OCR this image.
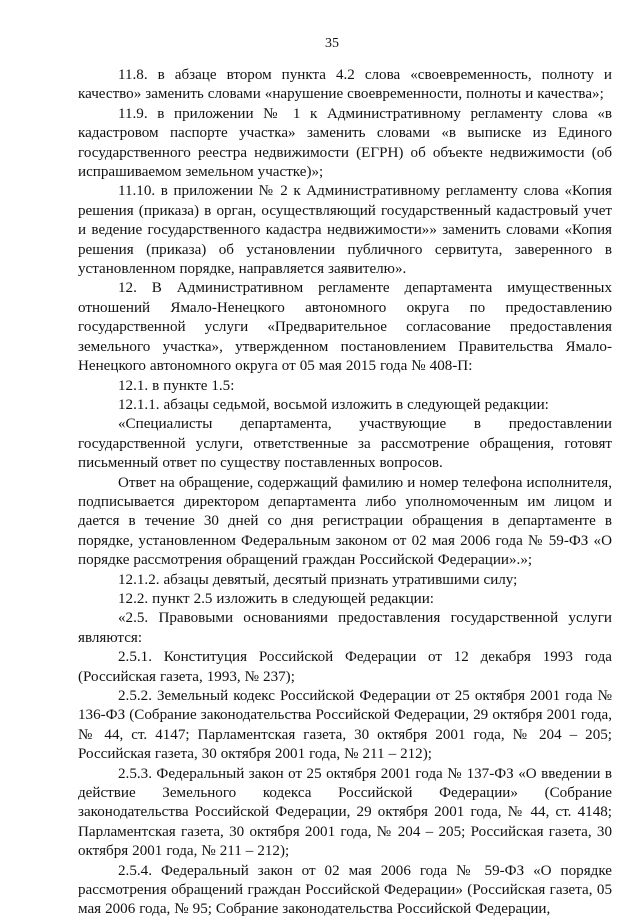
35

11.8. в абзаце втором пункта 4.2 слова «своевременность, полноту и качество» заменить словами «нарушение своевременности, полноты и качества»;

11.9. в приложении № 1 к Административному регламенту слова «в кадастровом паспорте участка» заменить словами «в выписке из Единого государственного реестра недвижимости (ЕГРН) об объекте недвижимости (об испрашиваемом земельном участке)»;

11.10. в приложении № 2 к Административному регламенту слова «Копия решения (приказа) в орган, осуществляющий государственный кадастровый учет и ведение государственного кадастра недвижимости»» заменить словами «Копия решения (приказа) об установлении публичного сервитута, заверенного в установленном порядке, направляется заявителю».

12. В Административном регламенте департамента имущественных отношений Ямало-Ненецкого автономного округа по предоставлению государственной услуги «Предварительное согласование предоставления земельного участка», утвержденном постановлением Правительства Ямало-Ненецкого автономного округа от 05 мая 2015 года № 408-П:

12.1. в пункте 1.5:

12.1.1. абзацы седьмой, восьмой изложить в следующей редакции:

«Специалисты департамента, участвующие в предоставлении государственной услуги, ответственные за рассмотрение обращения, готовят письменный ответ по существу поставленных вопросов.

Ответ на обращение, содержащий фамилию и номер телефона исполнителя, подписывается директором департамента либо уполномоченным им лицом и дается в течение 30 дней со дня регистрации обращения в департаменте в порядке, установленном Федеральным законом от 02 мая 2006 года № 59-ФЗ «О порядке рассмотрения обращений граждан Российской Федерации».»;

12.1.2. абзацы девятый, десятый признать утратившими силу;

12.2. пункт 2.5 изложить в следующей редакции:

«2.5. Правовыми основаниями предоставления государственной услуги являются:

2.5.1. Конституция Российской Федерации от 12 декабря 1993 года (Российская газета, 1993, № 237);

2.5.2. Земельный кодекс Российской Федерации от 25 октября 2001 года № 136-ФЗ (Собрание законодательства Российской Федерации, 29 октября 2001 года, № 44, ст. 4147; Парламентская газета, 30 октября 2001 года, № 204 – 205; Российская газета, 30 октября 2001 года, № 211 – 212);

2.5.3. Федеральный закон от 25 октября 2001 года № 137-ФЗ «О введении в действие Земельного кодекса Российской Федерации» (Собрание законодательства Российской Федерации, 29 октября 2001 года, № 44, ст. 4148; Парламентская газета, 30 октября 2001 года, № 204 – 205; Российская газета, 30 октября 2001 года, № 211 – 212);

2.5.4. Федеральный закон от 02 мая 2006 года № 59-ФЗ «О порядке рассмотрения обращений граждан Российской Федерации» (Российская газета, 05 мая 2006 года, № 95; Собрание законодательства Российской Федерации,
